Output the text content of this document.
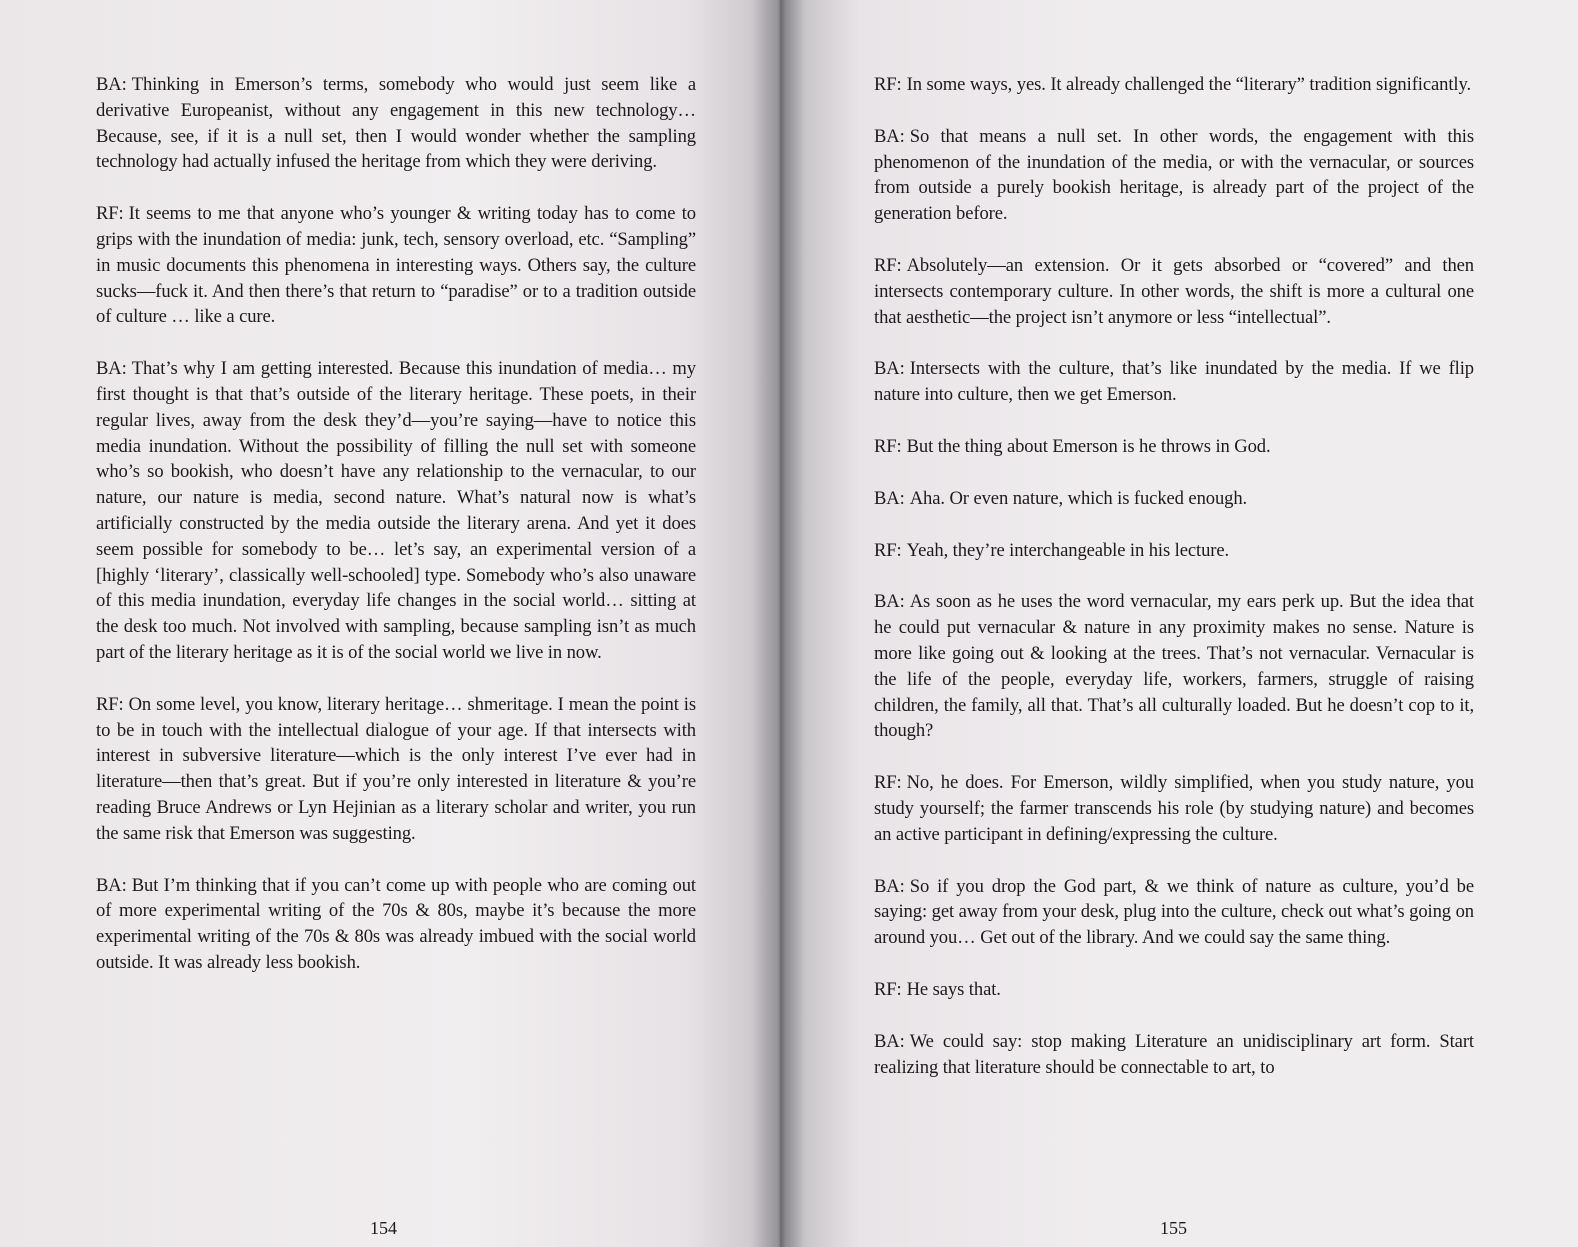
BA: Thinking in Emerson’s terms, somebody who would just seem like a derivative Europeanist, without any engagement in this new technology… Because, see, if it is a null set, then I would wonder whether the sampling technology had actually infused the heritage from which they were deriving.

RF: It seems to me that anyone who’s younger & writing today has to come to grips with the inundation of media: junk, tech, sensory overload, etc. “Sampling” in music documents this phenomena in interesting ways. Others say, the culture sucks—fuck it. And then there’s that return to “paradise” or to a tradition outside of culture … like a cure.

BA: That’s why I am getting interested. Because this inundation of media… my first thought is that that’s outside of the literary heritage. These poets, in their regular lives, away from the desk they’d—you’re saying—have to notice this media inundation. Without the possibility of filling the null set with someone who’s so bookish, who doesn’t have any relationship to the vernacular, to our nature, our nature is media, second nature. What’s natural now is what’s artificially constructed by the media outside the literary arena. And yet it does seem possible for somebody to be… let’s say, an experimental version of a [highly ‘literary’, classically well-schooled] type. Somebody who’s also unaware of this media inundation, everyday life changes in the social world… sitting at the desk too much. Not involved with sampling, because sampling isn’t as much part of the literary heritage as it is of the social world we live in now.

RF: On some level, you know, literary heritage… shmeritage. I mean the point is to be in touch with the intellectual dialogue of your age. If that intersects with interest in subversive literature—which is the only interest I’ve ever had in literature—then that’s great. But if you’re only interested in literature & you’re reading Bruce Andrews or Lyn Hejinian as a literary scholar and writer, you run the same risk that Emerson was suggesting.

BA: But I’m thinking that if you can’t come up with people who are coming out of more experimental writing of the 70s & 80s, maybe it’s because the more experimental writing of the 70s & 80s was already imbued with the social world outside. It was already less bookish.

154

RF: In some ways, yes. It already challenged the “literary” tradition significantly.

BA: So that means a null set. In other words, the engagement with this phenomenon of the inundation of the media, or with the vernacular, or sources from outside a purely bookish heritage, is already part of the project of the generation before.

RF: Absolutely—an extension. Or it gets absorbed or “covered” and then intersects contemporary culture. In other words, the shift is more a cultural one that aesthetic—the project isn’t anymore or less “intellectual”.

BA: Intersects with the culture, that’s like inundated by the media. If we flip nature into culture, then we get Emerson.

RF: But the thing about Emerson is he throws in God.

BA: Aha. Or even nature, which is fucked enough.

RF: Yeah, they’re interchangeable in his lecture.

BA: As soon as he uses the word vernacular, my ears perk up. But the idea that he could put vernacular & nature in any proximity makes no sense. Nature is more like going out & looking at the trees. That’s not vernacular. Vernacular is the life of the people, everyday life, workers, farmers, struggle of raising children, the family, all that. That’s all culturally loaded. But he doesn’t cop to it, though?

RF: No, he does. For Emerson, wildly simplified, when you study nature, you study yourself; the farmer transcends his role (by studying nature) and becomes an active participant in defining/expressing the culture.

BA: So if you drop the God part, & we think of nature as culture, you’d be saying: get away from your desk, plug into the culture, check out what’s going on around you… Get out of the library. And we could say the same thing.

RF: He says that.

BA: We could say: stop making Literature an unidisciplinary art form. Start realizing that literature should be connectable to art, to

155
